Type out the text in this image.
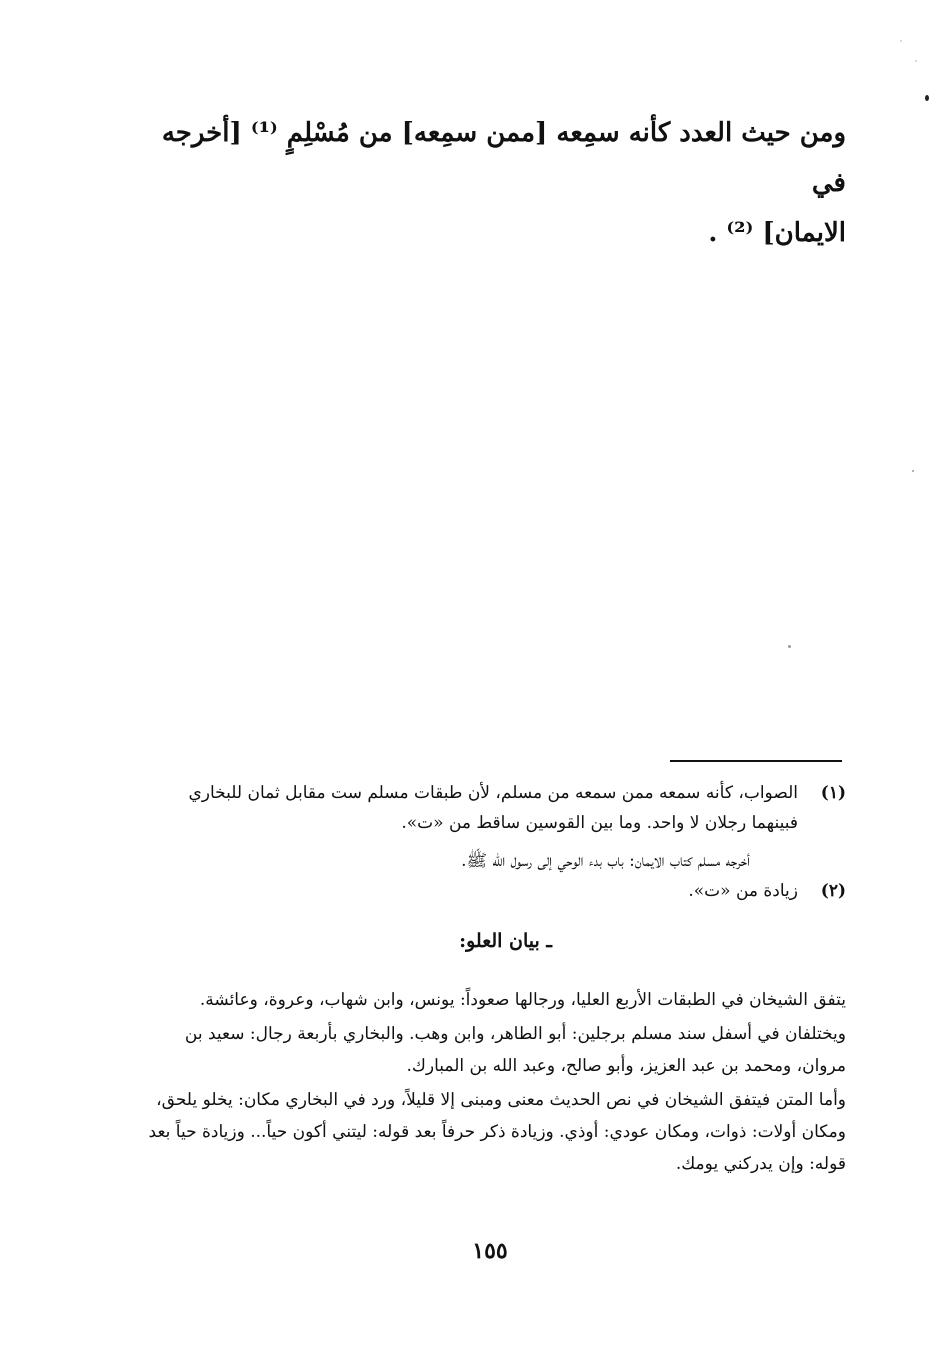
ومن حيث العدد كأنه سمِعه [ممن سمِعه] من مُسْلِمٍ ⁽¹⁾ [أخرجه في

الايمان] ⁽²⁾ .

(١)
الصواب، كأنه سمعه ممن سمعه من مسلم، لأن طبقات مسلم ست مقابل ثمان للبخاري
فبينهما رجلان لا واحد. وما بين القوسين ساقط من «ت».
أخرجه مسلم كتاب الايمان: باب بدء الوحي إلى رسول الله ﷺ.
(٢)
زيادة من «ت».
ـ بيان العلو:

يتفق الشيخان في الطبقات الأربع العليا، ورجالها صعوداً: يونس، وابن شهاب، وعروة، وعائشة.

ويختلفان في أسفل سند مسلم برجلين: أبو الطاهر، وابن وهب. والبخاري بأربعة رجال: سعيد بن مروان، ومحمد بن عبد العزيز، وأبو صالح، وعبد الله بن المبارك.

وأما المتن فيتفق الشيخان في نص الحديث معنى ومبنى إلا قليلاً، ورد في البخاري مكان: يخلو يلحق، ومكان أولات: ذوات، ومكان عودي: أوذي. وزيادة ذكر حرفاً بعد قوله: ليتني أكون حياً... وزيادة حياً بعد قوله: وإن يدركني يومك.

١٥٥
